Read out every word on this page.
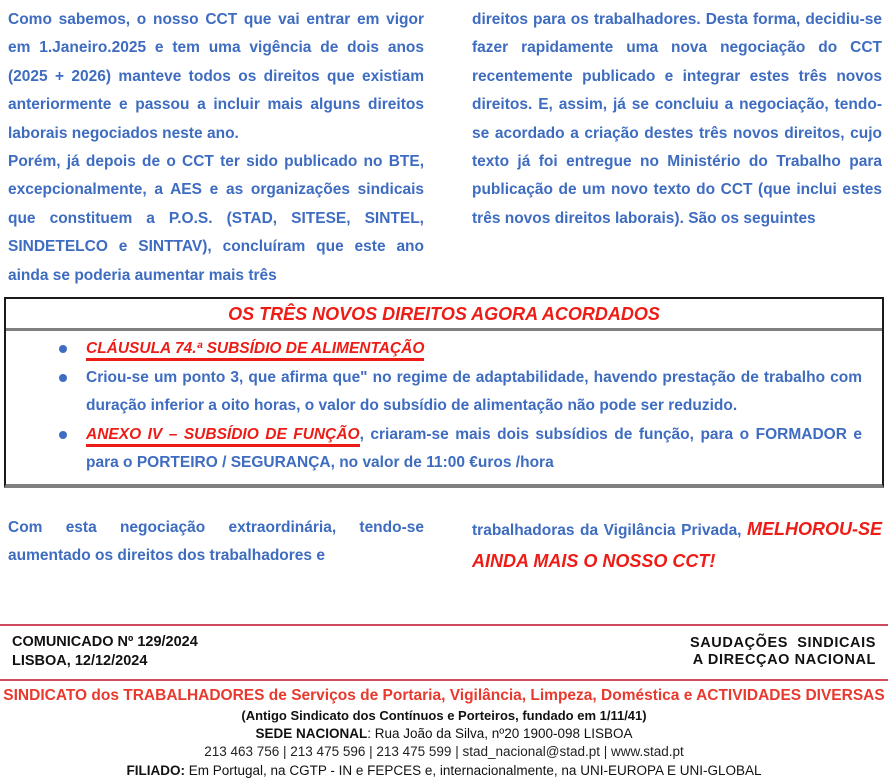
Como sabemos, o nosso CCT que vai entrar em vigor em 1.Janeiro.2025 e tem uma vigência de dois anos (2025 + 2026) manteve todos os direitos que existiam anteriormente e passou a incluir mais alguns direitos laborais negociados neste ano.

Porém, já depois de o CCT ter sido publicado no BTE, excepcionalmente, a AES e as organizações sindicais que constituem a P.O.S. (STAD, SITESE, SINTEL, SINDETELCO e SINTTAV), concluíram que este ano ainda se poderia aumentar mais três

direitos para os trabalhadores. Desta forma, decidiu-se fazer rapidamente uma nova negociação do CCT recentemente publicado e integrar estes três novos direitos. E, assim, já se concluiu a negociação, tendo-se acordado a criação destes três novos direitos, cujo texto já foi entregue no Ministério do Trabalho para publicação de um novo texto do CCT (que inclui estes três novos direitos laborais). São os seguintes

OS TRÊS NOVOS DIREITOS AGORA ACORDADOS
CLÁUSULA 74.ª SUBSÍDIO DE ALIMENTAÇÃO
Criou-se um ponto 3, que afirma que" no regime de adaptabilidade, havendo prestação de trabalho com duração inferior a oito horas, o valor do subsídio de alimentação não pode ser reduzido.
ANEXO IV – SUBSÍDIO DE FUNÇÃO, criaram-se mais dois subsídios de função, para o FORMADOR e para o PORTEIRO / SEGURANÇA, no valor de 11:00 €uros /hora

Com esta negociação extraordinária, tendo-se aumentado os direitos dos trabalhadores e

trabalhadoras da Vigilância Privada, MELHOROU-SE AINDA MAIS O NOSSO CCT!

COMUNICADO Nº 129/2024
LISBOA, 12/12/2024
SAUDAÇÕES  SINDICAIS
A DIRECÇAO NACIONAL
SINDICATO dos TRABALHADORES de Serviços de Portaria, Vigilância, Limpeza, Doméstica e ACTIVIDADES DIVERSAS
(Antigo Sindicato dos Contínuos e Porteiros, fundado em 1/11/41)
SEDE NACIONAL: Rua João da Silva, nº20 1900-098 LISBOA
213 463 756 | 213 475 596 | 213 475 599 | stad_nacional@stad.pt | www.stad.pt
FILIADO: Em Portugal, na CGTP - IN e FEPCES e, internacionalmente, na UNI-EUROPA E UNI-GLOBAL
